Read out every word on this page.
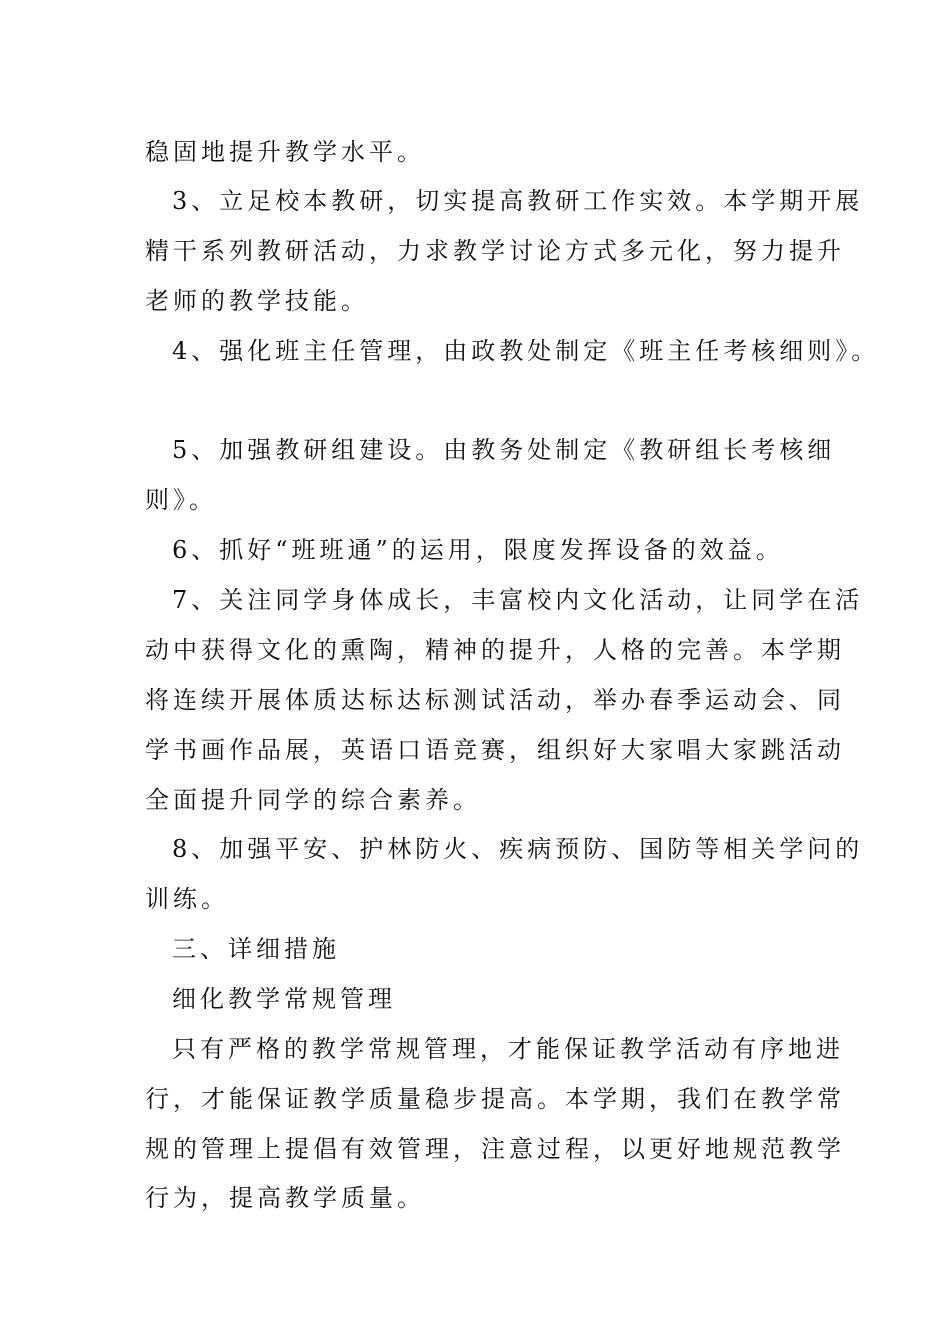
稳固地提升教学水平。
3、立足校本教研，切实提高教研工作实效。本学期开展
精干系列教研活动，力求教学讨论方式多元化，努力提升
老师的教学技能。
4、强化班主任管理，由政教处制定《班主任考核细则》。
5、加强教研组建设。由教务处制定《教研组长考核细
则》。
6、抓好“班班通”的运用，限度发挥设备的效益。
7、关注同学身体成长，丰富校内文化活动，让同学在活
动中获得文化的熏陶，精神的提升，人格的完善。本学期
将连续开展体质达标达标测试活动，举办春季运动会、同
学书画作品展，英语口语竞赛，组织好大家唱大家跳活动
全面提升同学的综合素养。
8、加强平安、护林防火、疾病预防、国防等相关学问的
训练。
三、详细措施
细化教学常规管理
只有严格的教学常规管理，才能保证教学活动有序地进
行，才能保证教学质量稳步提高。本学期，我们在教学常
规的管理上提倡有效管理，注意过程，以更好地规范教学
行为，提高教学质量。
